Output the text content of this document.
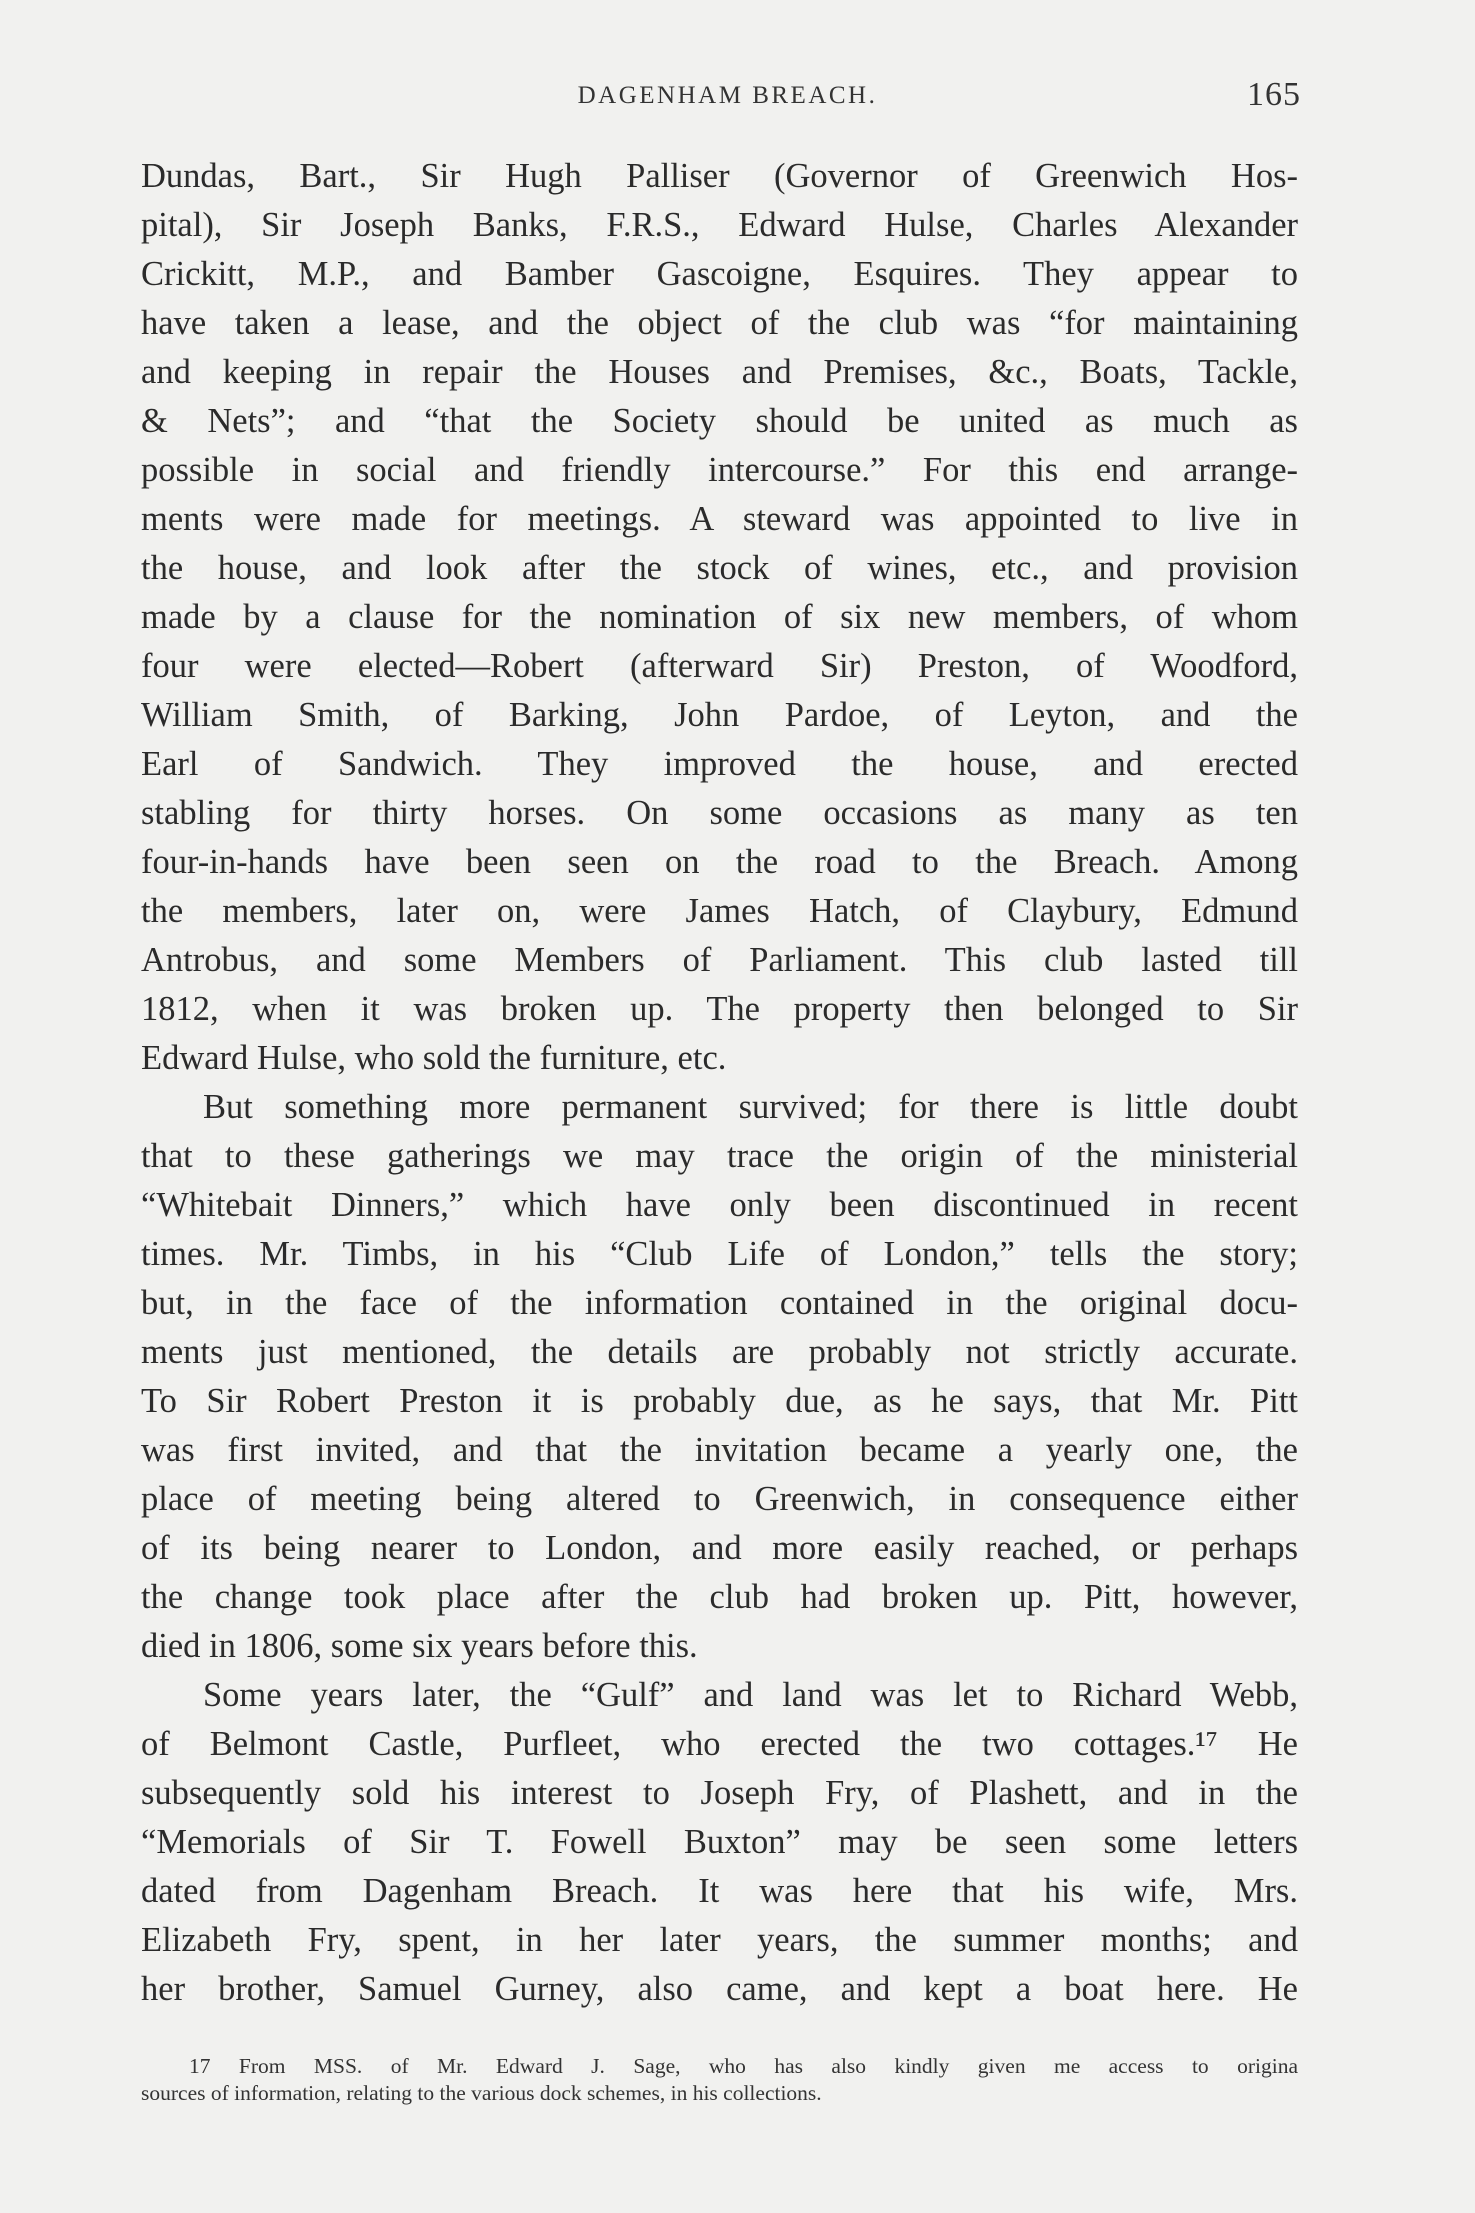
DAGENHAM BREACH.	165
Dundas, Bart., Sir Hugh Palliser (Governor of Greenwich Hos-
pital), Sir Joseph Banks, F.R.S., Edward Hulse, Charles Alexander
Crickitt, M.P., and Bamber Gascoigne, Esquires. They appear to
have taken a lease, and the object of the club was “for maintaining
and keeping in repair the Houses and Premises, &c., Boats, Tackle,
& Nets”; and “that the Society should be united as much as
possible in social and friendly intercourse.” For this end arrange-
ments were made for meetings. A steward was appointed to live in
the house, and look after the stock of wines, etc., and provision
made by a clause for the nomination of six new members, of whom
four were elected—Robert (afterward Sir) Preston, of Woodford,
William Smith, of Barking, John Pardoe, of Leyton, and the
Earl of Sandwich. They improved the house, and erected
stabling for thirty horses. On some occasions as many as ten
four-in-hands have been seen on the road to the Breach. Among
the members, later on, were James Hatch, of Claybury, Edmund
Antrobus, and some Members of Parliament. This club lasted till
1812, when it was broken up. The property then belonged to Sir
Edward Hulse, who sold the furniture, etc.
But something more permanent survived; for there is little doubt
that to these gatherings we may trace the origin of the ministerial
“Whitebait Dinners,” which have only been discontinued in recent
times. Mr. Timbs, in his “Club Life of London,” tells the story;
but, in the face of the information contained in the original docu-
ments just mentioned, the details are probably not strictly accurate.
To Sir Robert Preston it is probably due, as he says, that Mr. Pitt
was first invited, and that the invitation became a yearly one, the
place of meeting being altered to Greenwich, in consequence either
of its being nearer to London, and more easily reached, or perhaps
the change took place after the club had broken up. Pitt, however,
died in 1806, some six years before this.
Some years later, the “Gulf” and land was let to Richard Webb,
of Belmont Castle, Purfleet, who erected the two cottages.¹⁷ He
subsequently sold his interest to Joseph Fry, of Plashett, and in the
“Memorials of Sir T. Fowell Buxton” may be seen some letters
dated from Dagenham Breach. It was here that his wife, Mrs.
Elizabeth Fry, spent, in her later years, the summer months; and
her brother, Samuel Gurney, also came, and kept a boat here. He
17 From MSS. of Mr. Edward J. Sage, who has also kindly given me access to origina
sources of information, relating to the various dock schemes, in his collections.
